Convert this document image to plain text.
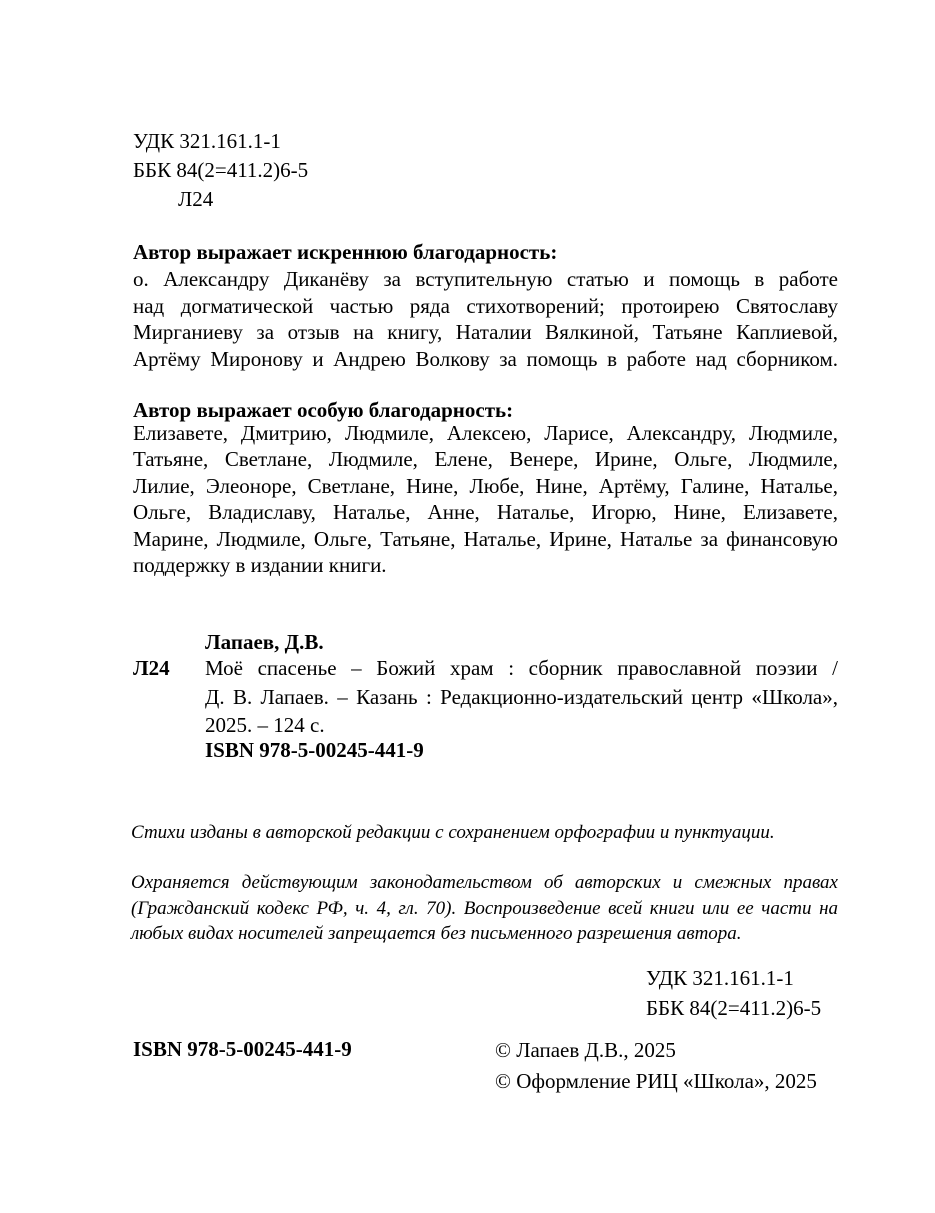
УДК 321.161.1-1
ББК 84(2=411.2)6-5
Л24
Автор выражает искреннюю благодарность:
о. Александру Диканёву за вступительную статью и помощь в работе
над догматической частью ряда стихотворений; протоирею Святославу
Мирганиеву за отзыв на книгу, Наталии Вялкиной, Татьяне Каплиевой,
Артёму Миронову и Андрею Волкову за помощь в работе над сборником.
Автор выражает особую благодарность:
Елизавете, Дмитрию, Людмиле, Алексею, Ларисе, Александру, Людмиле,
Татьяне, Светлане, Людмиле, Елене, Венере, Ирине, Ольге, Людмиле,
Лилие, Элеоноре, Светлане, Нине, Любе, Нине, Артёму, Галине, Наталье,
Ольге, Владиславу, Наталье, Анне, Наталье, Игорю, Нине, Елизавете,
Марине, Людмиле, Ольге, Татьяне, Наталье, Ирине, Наталье за финансовую
поддержку в издании книги.
Лапаев, Д.В.
Л24 Моё спасенье – Божий храм : сборник православной поэзии /
Д. В. Лапаев. – Казань : Редакционно-издательский центр «Школа»,
2025. – 124 с.
ISBN 978-5-00245-441-9
Стихи изданы в авторской редакции с сохранением орфографии и пунктуации.
Охраняется действующим законодательством об авторских и смежных правах
(Гражданский кодекс РФ, ч. 4, гл. 70). Воспроизведение всей книги или ее части на
любых видах носителей запрещается без письменного разрешения автора.
УДК 321.161.1-1
ББК 84(2=411.2)6-5
ISBN 978-5-00245-441-9	© Лапаев Д.В., 2025
© Оформление РИЦ «Школа», 2025
